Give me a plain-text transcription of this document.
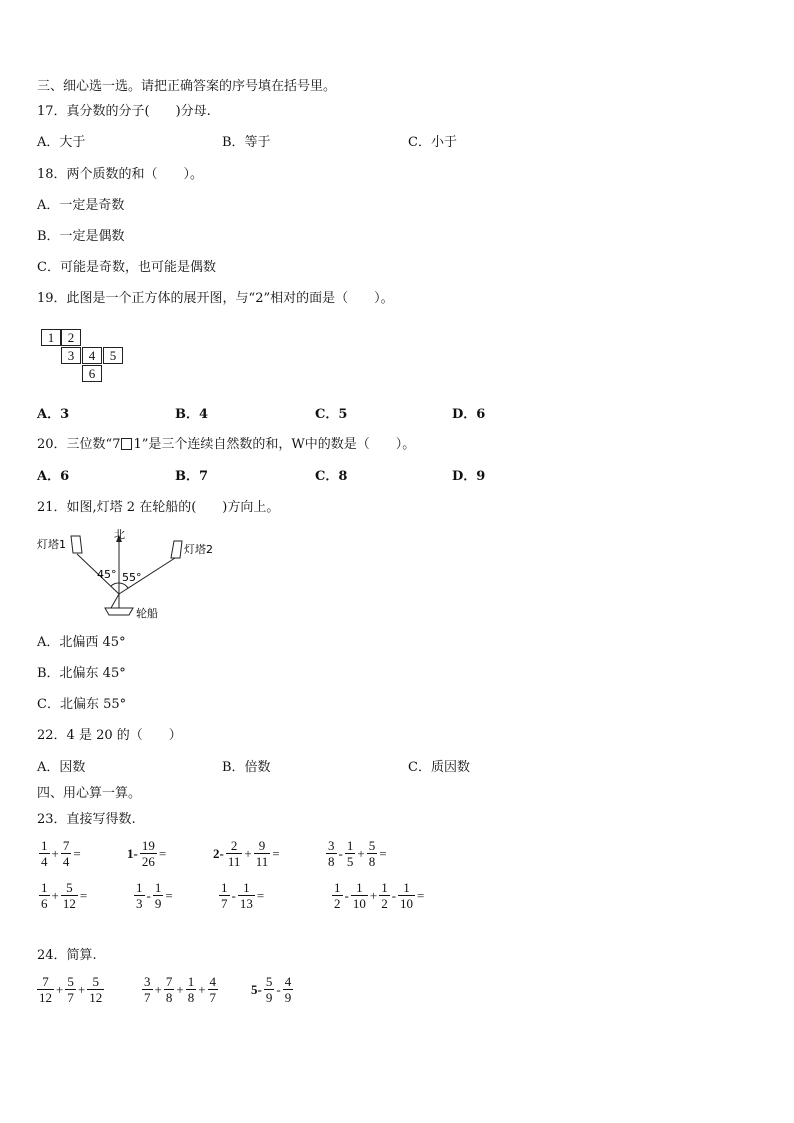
三、细心选一选。请把正确答案的序号填在括号里。
17．真分数的分子(　　)分母.
A．大于	B．等于	C．小于
18．两个质数的和（　　）。
A．一定是奇数
B．一定是偶数
C．可能是奇数，也可能是偶数
19．此图是一个正方体的展开图，与“2”相对的面是（　　）。
1	2
3	4	5
6
A．3	B．4	C．5	D．6
20．三位数“7 1”是三个连续自然数的和，W中的数是（　　）。
A．6	B．7	C．8	D．9
21．如图,灯塔 2 在轮船的(　　)方向上。
北
灯塔1	灯塔2
45° 55°
轮船
A．北偏西 45°
B．北偏东 45°
C．北偏东 55°
22．4 是 20 的（　　）
A．因数	B．倍数	C．质因数
四、用心算一算。
23．直接写得数.
$\frac{1}{4} + \frac{7}{4}$ =	$1- \frac{19}{26}$ =	$2- \frac{2}{11} + \frac{9}{11}$ =	$\frac{3}{8} - \frac{1}{5} + \frac{5}{8}$ =
$\frac{1}{6} + \frac{5}{12}$ =	$\frac{1}{3} - \frac{1}{9}$ =	$\frac{1}{7} - \frac{1}{13}$ =	$\frac{1}{2} - \frac{1}{10} + \frac{1}{2} - \frac{1}{10}$ =
24．简算.
$\frac{7}{12} + \frac{5}{7} + \frac{5}{12}$	$\frac{3}{7} + \frac{7}{8} + \frac{1}{8} + \frac{4}{7}$	$5- \frac{5}{9} - \frac{4}{9}$
